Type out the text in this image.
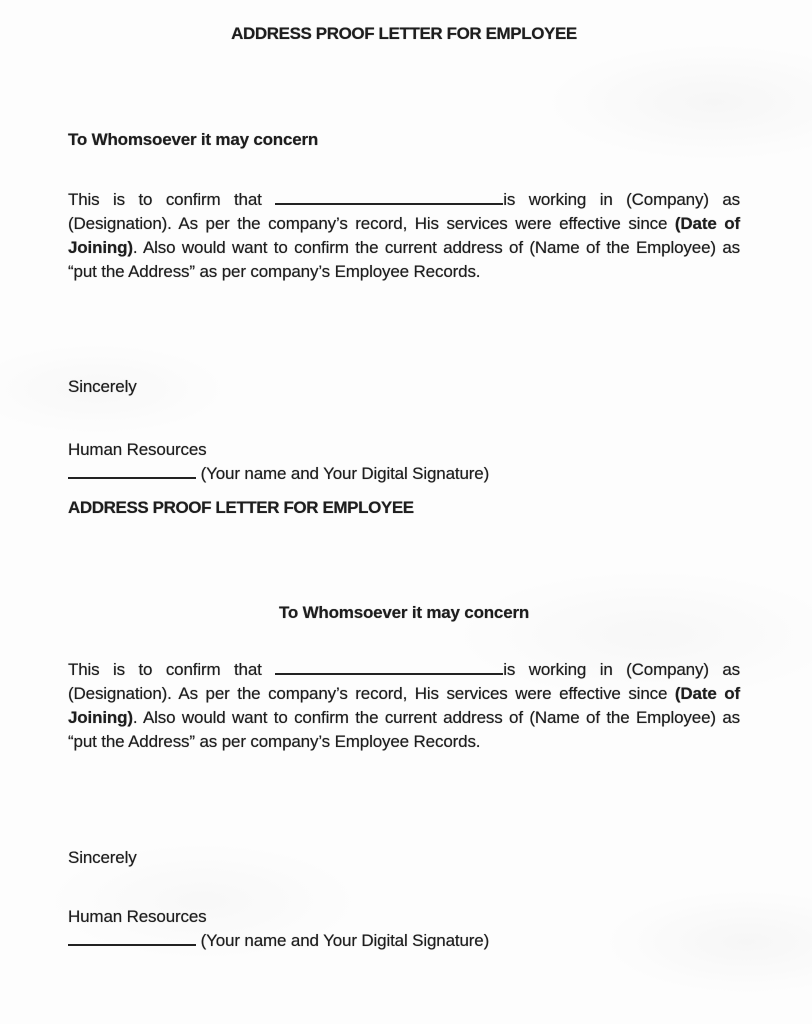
ADDRESS PROOF LETTER FOR EMPLOYEE

To Whomsoever it may concern

This is to confirm that	is working in (Company) as (Designation). As per the company’s record, His services were effective since (Date of Joining). Also would want to confirm the current address of (Name of the Employee) as “put the Address” as per company’s Employee Records.

Sincerely

Human Resources

(Your name and Your Digital Signature)

ADDRESS PROOF LETTER FOR EMPLOYEE

To Whomsoever it may concern

This is to confirm that	is working in (Company) as (Designation). As per the company’s record, His services were effective since (Date of Joining). Also would want to confirm the current address of (Name of the Employee) as “put the Address” as per company’s Employee Records.

Sincerely

Human Resources

(Your name and Your Digital Signature)
